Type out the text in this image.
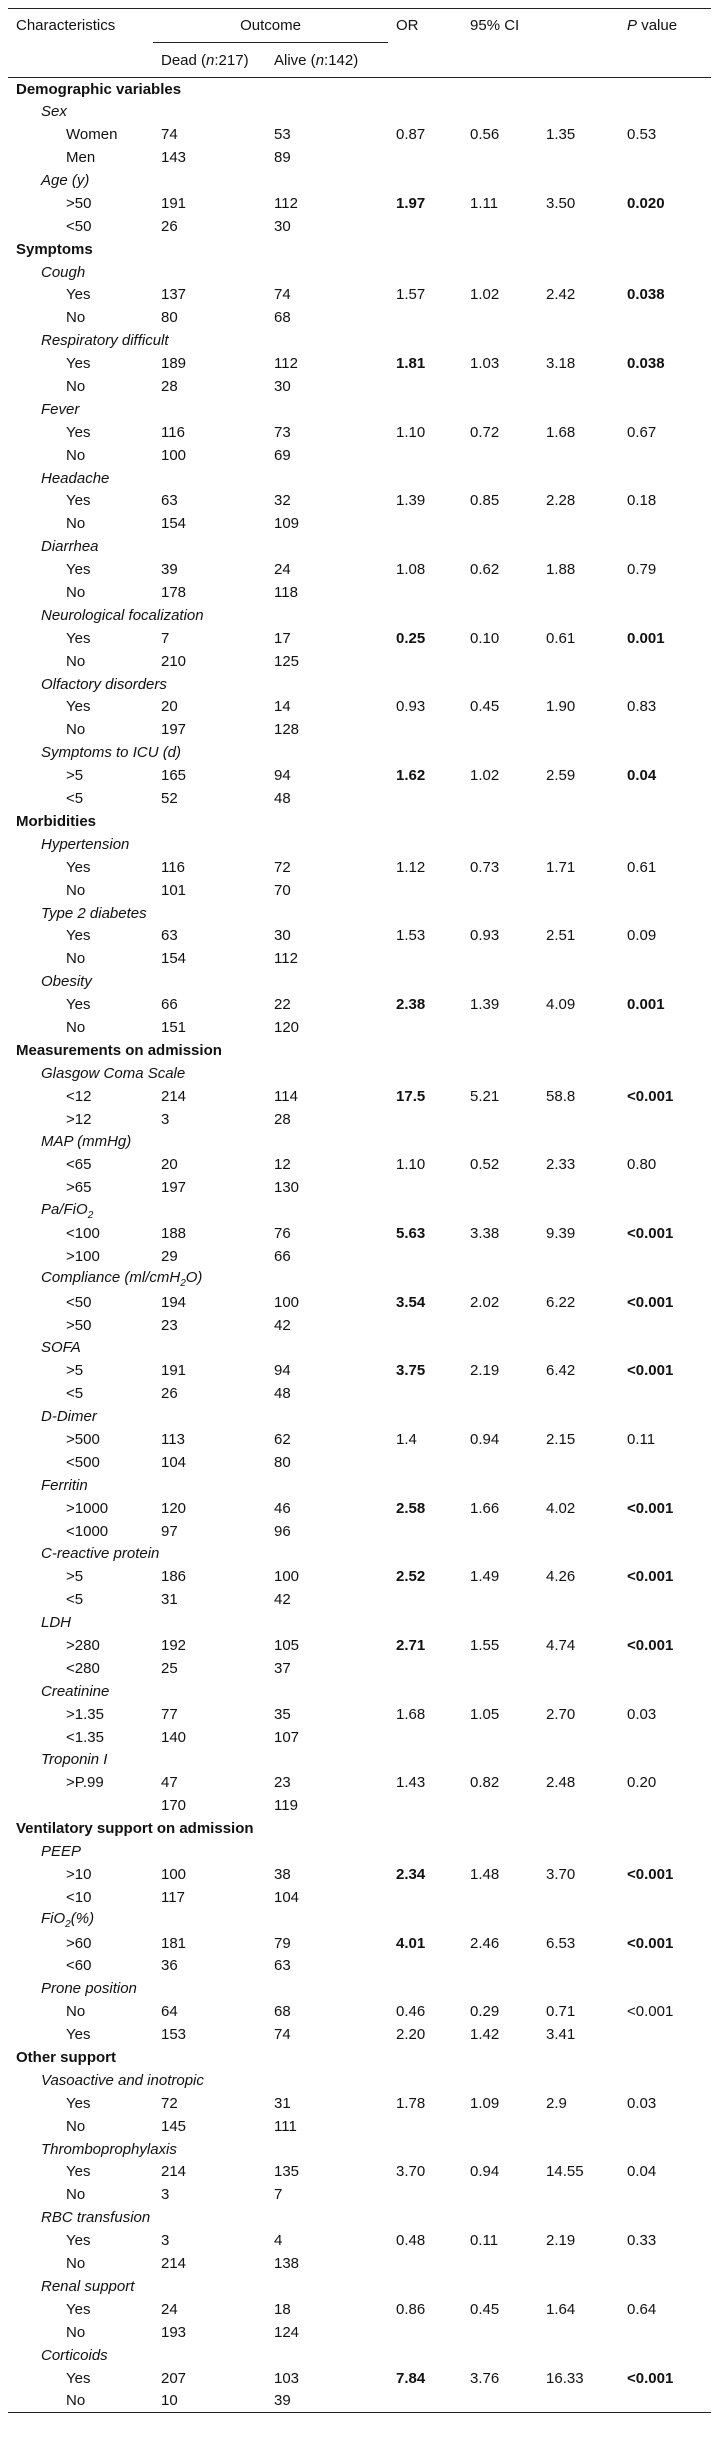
Characteristics	Outcome		OR	95% CI		P value
	Dead (n:217)	Alive (n:142)				
Demographic variables						
Sex						
Women	74	53	0.87	0.56	1.35	0.53
Men	143	89				
Age (y)						
>50	191	112	1.97	1.11	3.50	0.020
<50	26	30				
Symptoms						
Cough						
Yes	137	74	1.57	1.02	2.42	0.038
No	80	68				
Respiratory difficult						
Yes	189	112	1.81	1.03	3.18	0.038
No	28	30				
Fever						
Yes	116	73	1.10	0.72	1.68	0.67
No	100	69				
Headache						
Yes	63	32	1.39	0.85	2.28	0.18
No	154	109				
Diarrhea						
Yes	39	24	1.08	0.62	1.88	0.79
No	178	118				
Neurological focalization						
Yes	7	17	0.25	0.10	0.61	0.001
No	210	125				
Olfactory disorders						
Yes	20	14	0.93	0.45	1.90	0.83
No	197	128				
Symptoms to ICU (d)						
>5	165	94	1.62	1.02	2.59	0.04
<5	52	48				
Morbidities						
Hypertension						
Yes	116	72	1.12	0.73	1.71	0.61
No	101	70				
Type 2 diabetes						
Yes	63	30	1.53	0.93	2.51	0.09
No	154	112				
Obesity						
Yes	66	22	2.38	1.39	4.09	0.001
No	151	120				
Measurements on admission						
Glasgow Coma Scale						
<12	214	114	17.5	5.21	58.8	<0.001
>12	3	28				
MAP (mmHg)						
<65	20	12	1.10	0.52	2.33	0.80
>65	197	130				
Pa/FiO$_2$
<100	188	76	5.63	3.38	9.39	<0.001
>100	29	66				
Compliance (ml/cmH$_2$O)						
<50	194	100	3.54	2.02	6.22	<0.001
>50	23	42				
SOFA						
>5	191	94	3.75	2.19	6.42	<0.001
<5	26	48				
D-Dimer						
>500	113	62	1.4	0.94	2.15	0.11
<500	104	80				
Ferritin						
>1000	120	46	2.58	1.66	4.02	<0.001
<1000	97	96				
C-reactive protein						
>5	186	100	2.52	1.49	4.26	<0.001
<5	31	42				
LDH						
>280	192	105	2.71	1.55	4.74	<0.001
<280	25	37				
Creatinine						
>1.35	77	35	1.68	1.05	2.70	0.03
<1.35	140	107				
Troponin I						
>P.99	47	23	1.43	0.82	2.48	0.20
	170	119				
Ventilatory support on admission						
PEEP						
>10	100	38	2.34	1.48	3.70	<0.001
<10	117	104				
FiO$_2$(%)						
>60	181	79	4.01	2.46	6.53	<0.001
<60	36	63				
Prone position						
No	64	68	0.46	0.29	0.71	<0.001
Yes	153	74	2.20	1.42	3.41	
Other support						
Vasoactive and inotropic						
Yes	72	31	1.78	1.09	2.9	0.03
No	145	111				
Thromboprophylaxis						
Yes	214	135	3.70	0.94	14.55	0.04
No	3	7				
RBC transfusion						
Yes	3	4	0.48	0.11	2.19	0.33
No	214	138				
Renal support						
Yes	24	18	0.86	0.45	1.64	0.64
No	193	124				
Corticoids						
Yes	207	103	7.84	3.76	16.33	<0.001
No	10	39				
